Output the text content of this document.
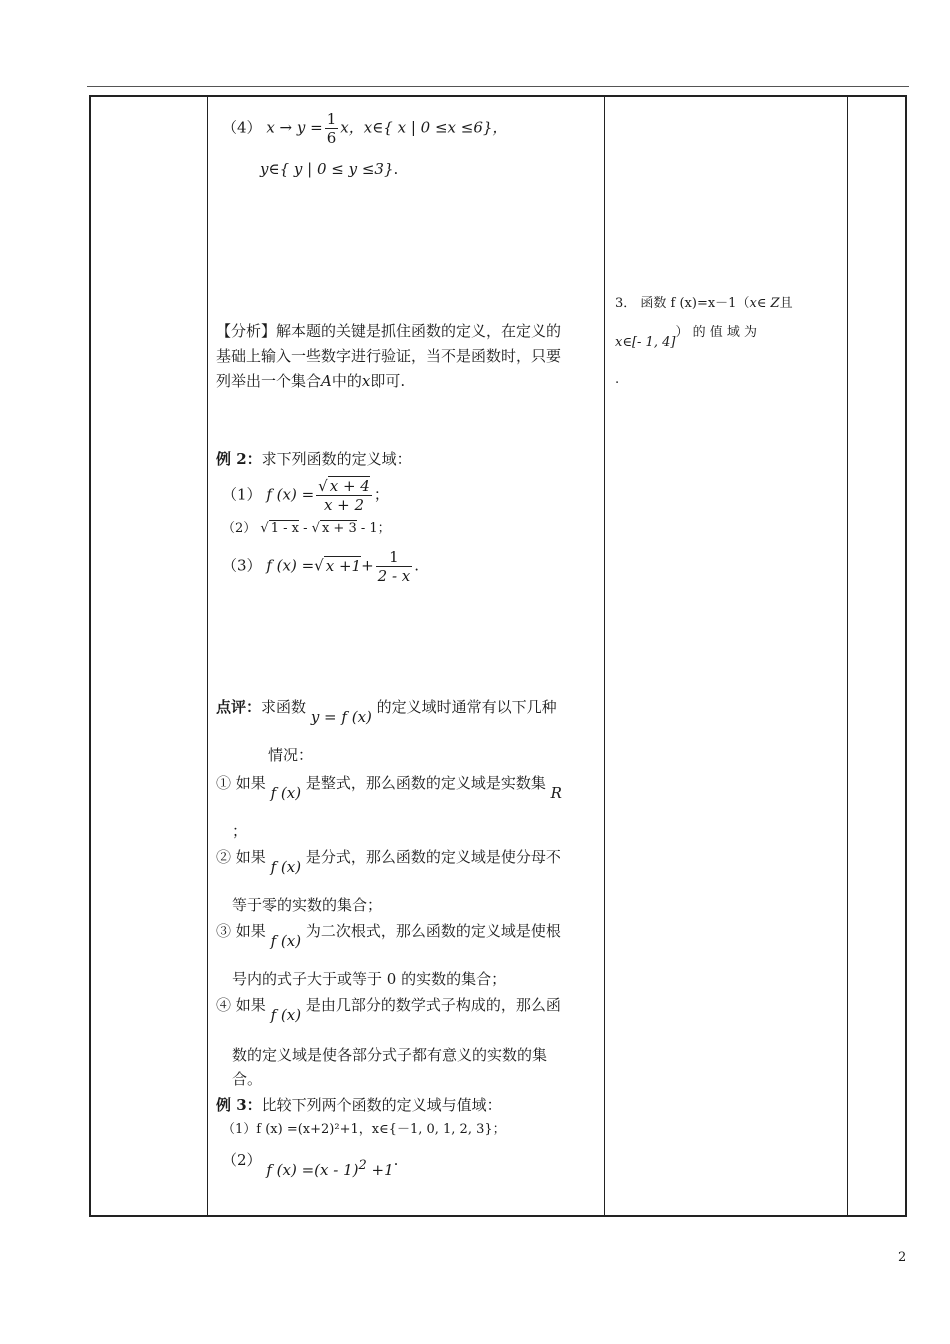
（4） $x \to y = \frac{1}{6}$ x，x∈{ x | 0 ≤x ≤6}，
y∈{ y | 0 ≤ y ≤3}.
【分析】解本题的关键是抓住函数的定义，在定义的
基础上输入一些数字进行验证，当不是函数时，只要
列举出一个集合A中的x即可.
例 2：求下列函数的定义域：
（1） f $(x) = \frac{√ x + 4}{x + 2}$ ；
（2） √ 1 - x - √ x + 3 - 1；
（3） f (x) =√ $x +1+ \frac{1}{2 - x}$ .
点评：求函数 y = f (x) 的定义域时通常有以下几种
情况：
① 如果 f (x) 是整式，那么函数的定义域是实数集 R
；
② 如果 f (x) 是分式，那么函数的定义域是使分母不
等于零的实数的集合；
③ 如果 f (x) 为二次根式，那么函数的定义域是使根
号内的式子大于或等于 0 的实数的集合；
④ 如果 f (x) 是由几部分的数学式子构成的，那么函
数的定义域是使各部分式子都有意义的实数的集
合。
例 3：比较下列两个函数的定义域与值域：
（1）f (x) =(x+2)²+1，x∈{－1, 0, 1, 2, 3}；
（2） f (x) =(x - 1)$^2$ +1.
3． 函数 f (x)=x－1（x∈ Z且
x∈[- 1, 4]） 的 值 域 为
.
2
